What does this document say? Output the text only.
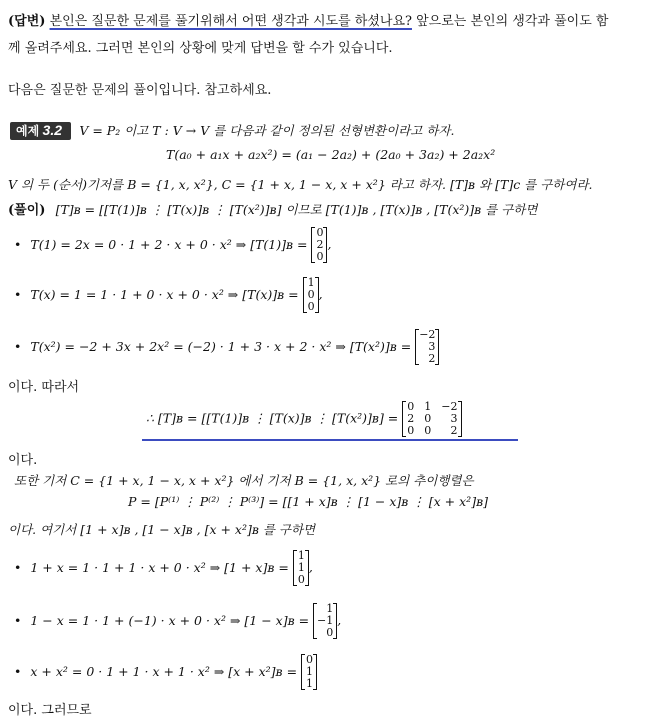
(답변) 본인은 질문한 문제를 풀기위해서 어떤 생각과 시도를 하셨나요? 앞으로는 본인의 생각과 풀이도 함
께 올려주세요. 그러면 본인의 상황에 맞게 답변을 할 수가 있습니다.
다음은 질문한 문제의 풀이입니다. 참고하세요.
예제 3.2 V = P₂ 이고 T : V → V 를 다음과 같이 정의된 선형변환이라고 하자.
T(a₀ + a₁x + a₂x²) = (a₁ − 2a₂) + (2a₀ + 3a₂) + 2a₂x²
V 의 두 (순서)기저를 B = {1, x, x²}, C = {1 + x, 1 − x, x + x²} 라고 하자. [T]ʙ 와 [T]c 를 구하여라.
(풀이) [T]ʙ = [[T(1)]ʙ ⋮ [T(x)]ʙ ⋮ [T(x²)]ʙ] 이므로 [T(1)]ʙ , [T(x)]ʙ , [T(x²)]ʙ 를 구하면
• T(1) = 2x = 0 · 1 + 2 · x + 0 · x² ⇒ [T(1)]ʙ =
0
2
0
,
• T(x) = 1 = 1 · 1 + 0 · x + 0 · x² ⇒ [T(x)]ʙ =
1
0
0
,
• T(x²) = −2 + 3x + 2x² = (−2) · 1 + 3 · x + 2 · x² ⇒ [T(x²)]ʙ =
−2
3
2
이다. 따라서
∴ [T]ʙ = [[T(1)]ʙ ⋮ [T(x)]ʙ ⋮ [T(x²)]ʙ] =
0 1 −2
2 0	3
0 0	2
이다.
또한 기저 C = {1 + x, 1 − x, x + x²} 에서 기저 B = {1, x, x²} 로의 추이행렬은
P = [P⁽¹⁾ ⋮ P⁽²⁾ ⋮ P⁽³⁾] = [[1 + x]ʙ ⋮ [1 − x]ʙ ⋮ [x + x²]ʙ]
이다. 여기서 [1 + x]ʙ , [1 − x]ʙ , [x + x²]ʙ 를 구하면
• 1 + x = 1 · 1 + 1 · x + 0 · x² ⇒ [1 + x]ʙ =
1
1
0
,
• 1 − x = 1 · 1 + (−1) · x + 0 · x² ⇒ [1 − x]ʙ =
1
−1
0
,
• x + x² = 0 · 1 + 1 · x + 1 · x² ⇒ [x + x²]ʙ =
0
1
1
이다. 그러므로
